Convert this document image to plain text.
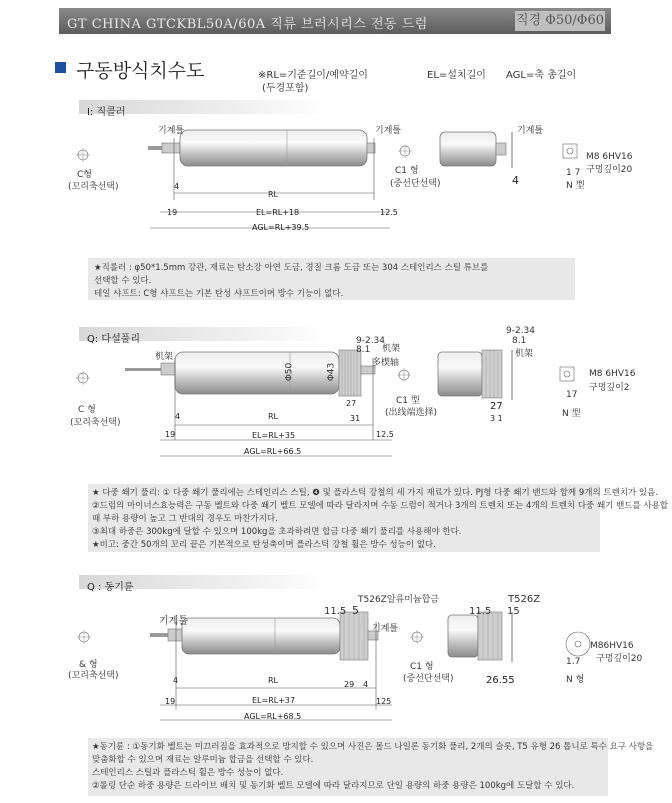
GT CHINA GTCKBL50A/60A 직류 브러시리스 전동 드럼	직경 Φ50/Φ60
구동방식치수도	※RL=기준길이/예약길이
(두경포함)
EL=설치길이 AGL=축 총길이
I: 직콜러
기계틀	기계틀	기계틀
C형
(꼬리축선택)
C1 형
(중선단선택)
M8 6HV16
구멍깊이20
1 7
N 型
4	4
RL
19	EL=RL+18	12.5
AGL=RL+39.5

★직롤러 : φ50*1.5mm 강관, 재료는 탄소강 아연 도금, 경질 크롬 도금 또는 304 스테인리스 스틸 튜브를

선택할 수 있다.

테일 샤프트: C형 샤프트는 기본 탄성 샤프트이며 방수 기능이 없다.

Q: 다설풀리
机架
9-2.34
8.1 机架
多楔轴
Φ50	Φ43
27
31
4	RL
19	EL=RL+35	12.5
AGL=RL+66.5
C 형
(꼬리축선택)
C1 型
(出线端选择)
9-2.34
8.1
机架
27
3 1
M8 6HV16
구멍깊이2
17
N 型

★ 다중 쐐기 풀리: ① 다중 쐐기 풀리에는 스테인리스 스틸, ❹ 및 플라스틱 강철의 세 가지 재료가 있다. PJ형 다중 쐐기 밴드와 함께 9개의 트렌치가 있음.

②드럼의 마이너스효능력은 구동 벨트와 다중 쐐기 벨트 모델에 따라 달라지며 수동 드럼이 적거나 3개의 트렌치 또는 4개의 트렌치 다중 쐐기 밴드를 사용할

때 부하 용량이 높고 그 반대의 경우도 마찬가지다.

③최대 하중은 300kg에 달할 수 있으며 100kg을 초과하려면 합금 다중 쐐기 풀리를 사용해야 한다.

★비고: 중간 50개의 꼬리 끝은 기본적으로 탄성축이며 플라스틱 강철 휠은 방수 성능이 없다.

Q : 동기륜
기계틀
T526Z알류미늄합금
11.5 5
기계틀
T526Z
11.5 15
29
4	4
RL
19	EL=RL+37	125
AGL=RL+68.5
& 형
(꼬리축선택)
C1 형
(중선단선택)	26.55
M86HV16
구멍깊이20
1.7
N 형

★동기륜 : ①동기화 벨트는 미끄러짐을 효과적으로 방지할 수 있으며 사진은 몰드 나일론 동기화 풀리, 2개의 슬롯, T5 유형 26 톱니로 특수 요구 사항을

맞춤화할 수 있으며 재료는 알루미늄 합금을 선택할 수 있다.

스테인리스 스틸과 플라스틱 휠은 방수 성능이 없다.

②롤링 단순 하중 용량은 드라이브 배치 및 동기화 벨트 모델에 따라 달라지므로 단일 용량의 하중 용량은 100kg에 도달할 수 있다.
